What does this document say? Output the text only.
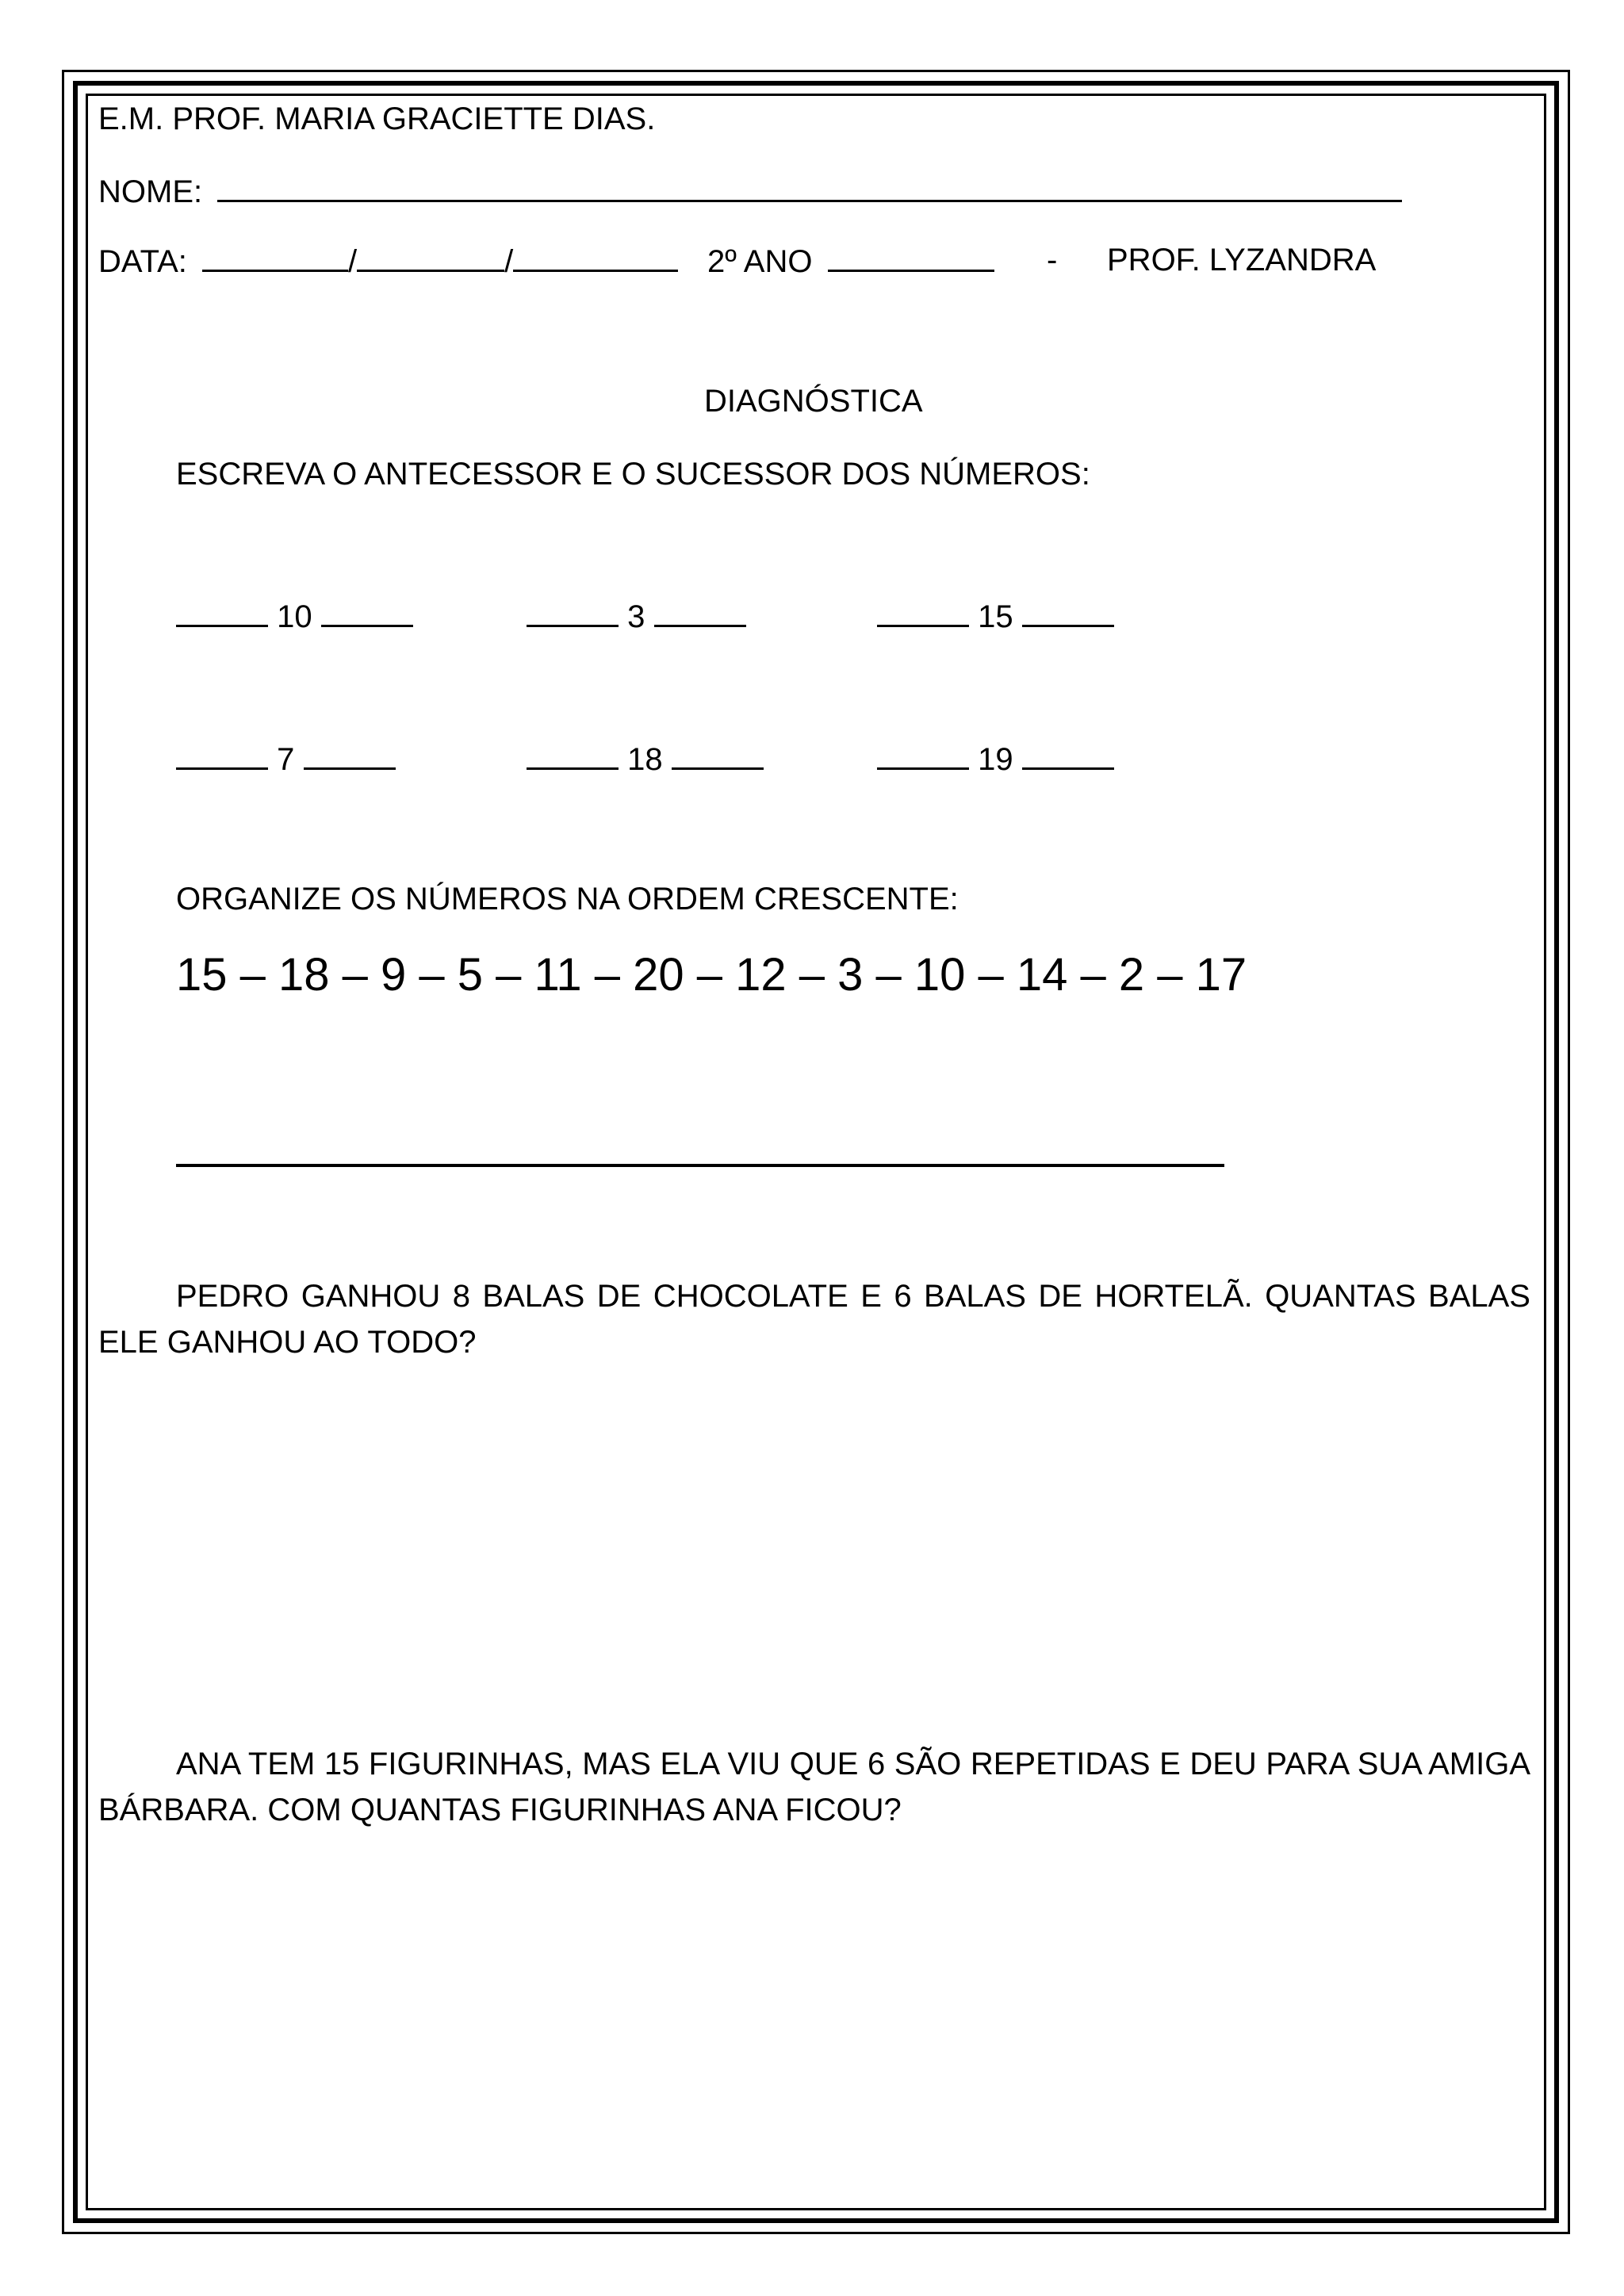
E.M. PROF. MARIA GRACIETTE DIAS.
NOME:
DATA:	/	/	2º ANO	- PROF. LYZANDRA
DIAGNÓSTICA
ESCREVA O ANTECESSOR E O SUCESSOR DOS NÚMEROS:
10	3	15
7	18	19
ORGANIZE OS NÚMEROS NA ORDEM CRESCENTE:
15 – 18 – 9 – 5 – 11 – 20 – 12 – 3 – 10 – 14 – 2 – 17
PEDRO GANHOU 8 BALAS DE CHOCOLATE E 6 BALAS DE HORTELÃ. QUANTAS BALAS ELE GANHOU AO TODO?
ANA TEM 15 FIGURINHAS, MAS ELA VIU QUE 6 SÃO REPETIDAS E DEU PARA SUA AMIGA BÁRBARA. COM QUANTAS FIGURINHAS ANA FICOU?
